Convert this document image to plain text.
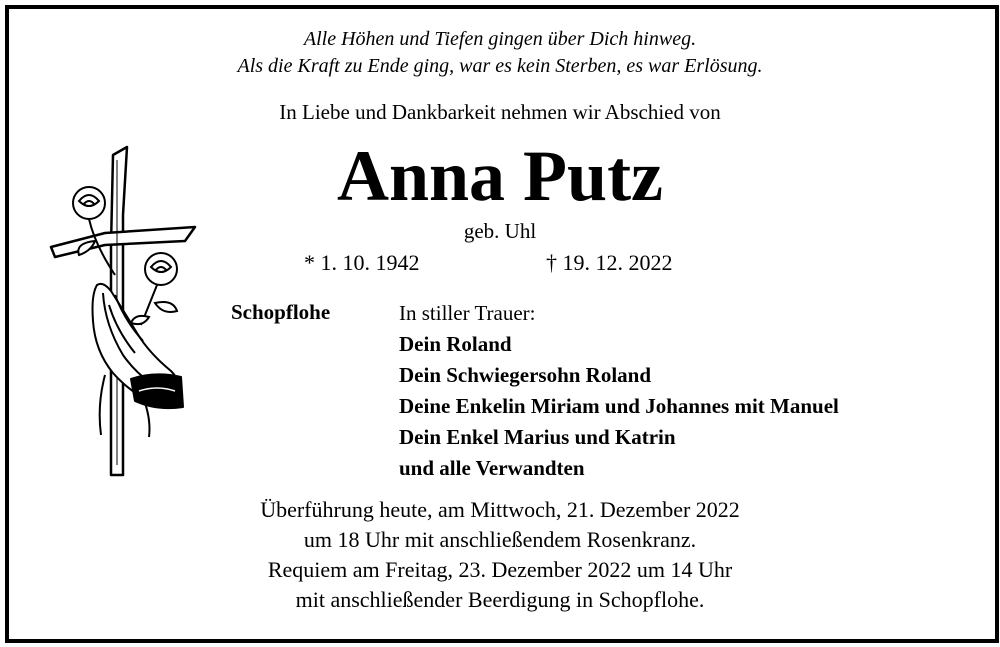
Alle Höhen und Tiefen gingen über Dich hinweg.
Als die Kraft zu Ende ging, war es kein Sterben, es war Erlösung.
In Liebe und Dankbarkeit nehmen wir Abschied von
Anna Putz
geb. Uhl
* 1. 10. 1942	† 19. 12. 2022
Schopflohe	In stiller Trauer:
Dein Roland
Dein Schwiegersohn Roland
Deine Enkelin Miriam und Johannes mit Manuel
Dein Enkel Marius und Katrin
und alle Verwandten
Überführung heute, am Mittwoch, 21. Dezember 2022
um 18 Uhr mit anschließendem Rosenkranz.
Requiem am Freitag, 23. Dezember 2022 um 14 Uhr
mit anschließender Beerdigung in Schopflohe.
